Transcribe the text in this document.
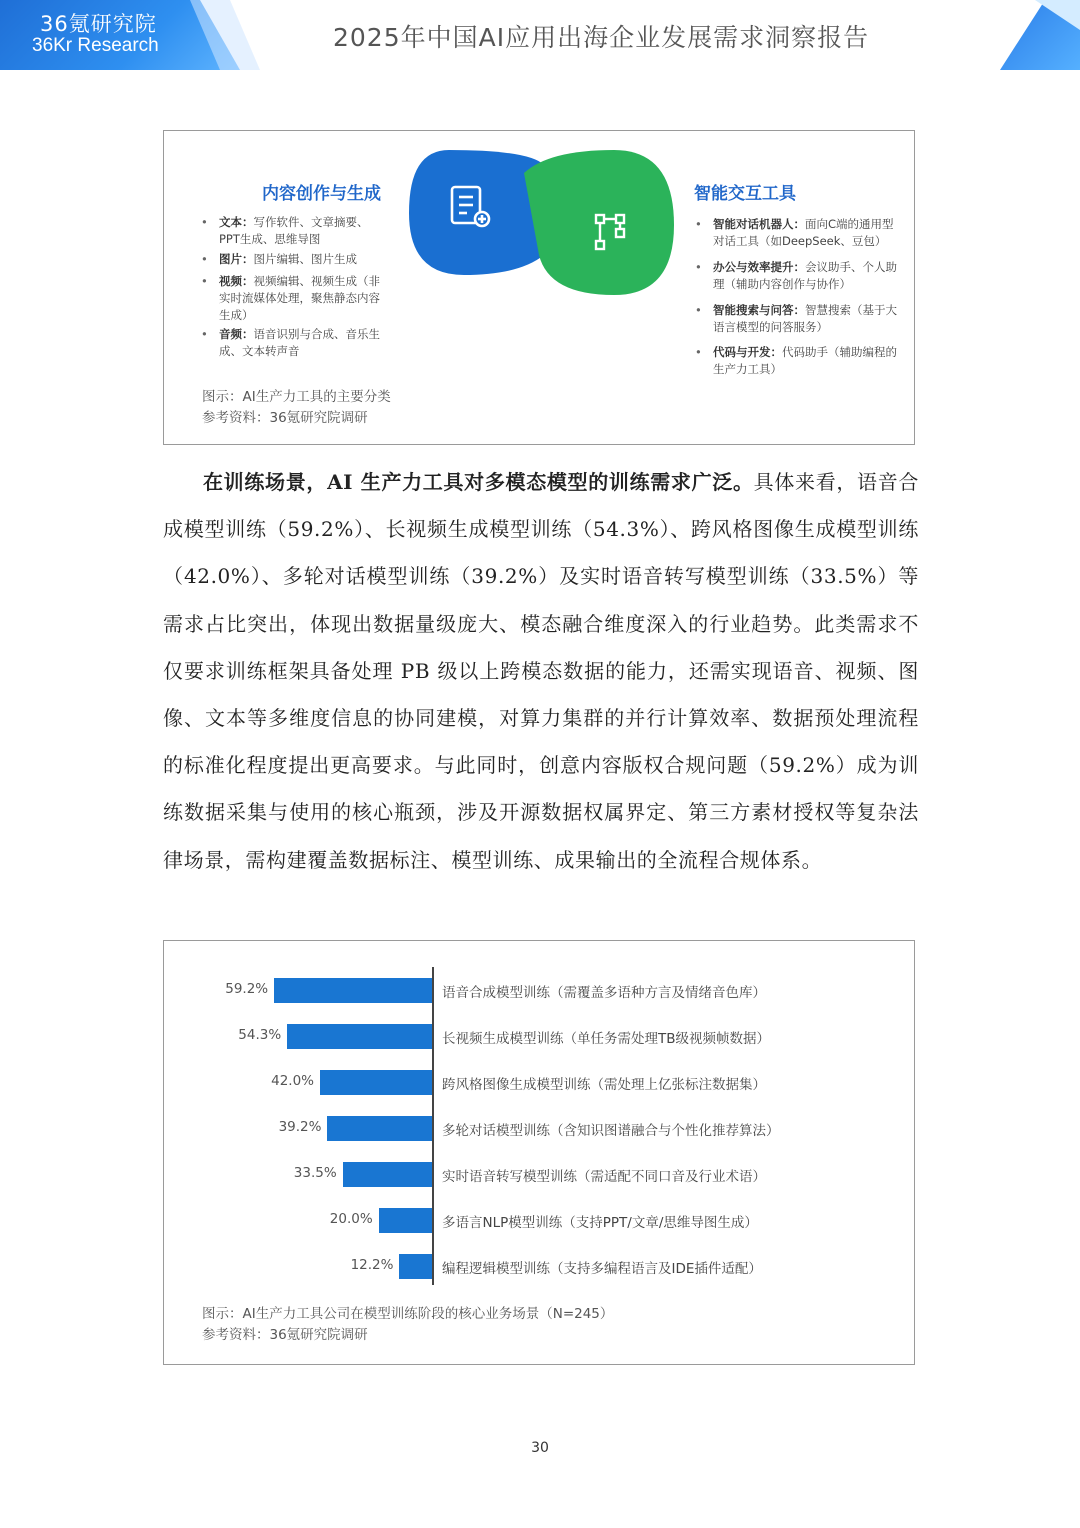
36氪研究院
36Kr Research	2025年中国AI应用出海企业发展需求洞察报告
内容创作与生成
• 文本：写作软件、文章摘要、PPT生成、思维导图
• 图片：图片编辑、图片生成
• 视频：视频编辑、视频生成（非实时流媒体处理，聚焦静态内容生成）
• 音频：语音识别与合成、音乐生成、文本转声音
智能交互工具
• 智能对话机器人：面向C端的通用型对话工具（如DeepSeek、豆包）
• 办公与效率提升：会议助手、个人助理（辅助内容创作与协作）
• 智能搜索与问答：智慧搜索（基于大语言模型的问答服务）
• 代码与开发：代码助手（辅助编程的生产力工具）
图示：AI生产力工具的主要分类
参考资料：36氪研究院调研

在训练场景，AI 生产力工具对多模态模型的训练需求广泛。具体来看，语音合成模型训练（59.2%）、长视频生成模型训练（54.3%）、跨风格图像生成模型训练（42.0%）、多轮对话模型训练（39.2%）及实时语音转写模型训练（33.5%）等需求占比突出，体现出数据量级庞大、模态融合维度深入的行业趋势。此类需求不仅要求训练框架具备处理 PB 级以上跨模态数据的能力，还需实现语音、视频、图像、文本等多维度信息的协同建模，对算力集群的并行计算效率、数据预处理流程的标准化程度提出更高要求。与此同时，创意内容版权合规问题（59.2%）成为训练数据采集与使用的核心瓶颈，涉及开源数据权属界定、第三方素材授权等复杂法律场景，需构建覆盖数据标注、模型训练、成果输出的全流程合规体系。

59.2%	语音合成模型训练（需覆盖多语种方言及情绪音色库）
54.3%	长视频生成模型训练（单任务需处理TB级视频帧数据）
42.0%	跨风格图像生成模型训练（需处理上亿张标注数据集）
39.2%	多轮对话模型训练（含知识图谱融合与个性化推荐算法）
33.5%	实时语音转写模型训练（需适配不同口音及行业术语）
20.0%	多语言NLP模型训练（支持PPT/文章/思维导图生成）
12.2%	编程逻辑模型训练（支持多编程语言及IDE插件适配）
图示：AI生产力工具公司在模型训练阶段的核心业务场景（N=245）
参考资料：36氪研究院调研
30
